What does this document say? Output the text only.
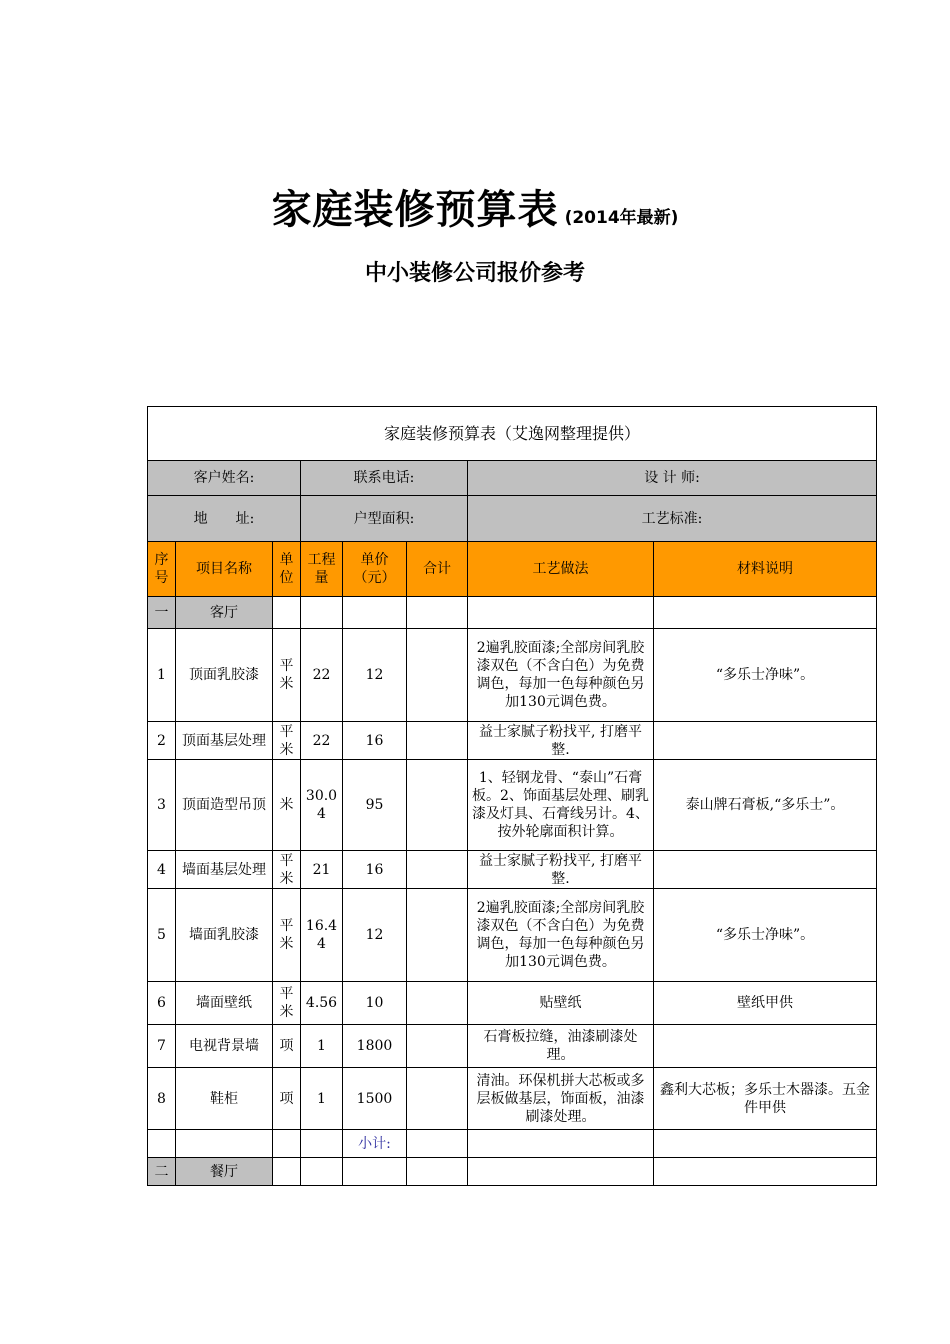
家庭装修预算表 (2014年最新)
中小装修公司报价参考
家庭装修预算表（艾逸网整理提供）							
客户姓名:			联系电话:			设 计 师:	
地　　址:			户型面积:			工艺标准:	
序号	项目名称	单位	工程量	单价（元）	合计	工艺做法	材料说明
一	客厅						
1	顶面乳胶漆	平米	22	12		2遍乳胶面漆;全部房间乳胶漆双色（不含白色）为免费调色，每加一色每种颜色另加130元调色费。	“多乐士净味”。
2	顶面基层处理	平米	22	16		益士家腻子粉找平, 打磨平整.	
3	顶面造型吊顶	米	30.04	95		1、轻钢龙骨、“泰山”石膏板。2、饰面基层处理、刷乳漆及灯具、石膏线另计。4、按外轮廓面积计算。	泰山牌石膏板,“多乐士”。
4	墙面基层处理	平米	21	16		益士家腻子粉找平, 打磨平整.	
5	墙面乳胶漆	平米	16.44	12		2遍乳胶面漆;全部房间乳胶漆双色（不含白色）为免费调色，每加一色每种颜色另加130元调色费。	“多乐士净味”。
6	墙面壁纸	平米	4.56	10		贴壁纸	壁纸甲供
7	电视背景墙	项	1	1800		石膏板拉缝，油漆刷漆处理。	
8	鞋柜	项	1	1500		清油。环保机拼大芯板或多层板做基层，饰面板，油漆刷漆处理。	鑫利大芯板；多乐士木器漆。五金件甲供
				小计:			
二	餐厅						
